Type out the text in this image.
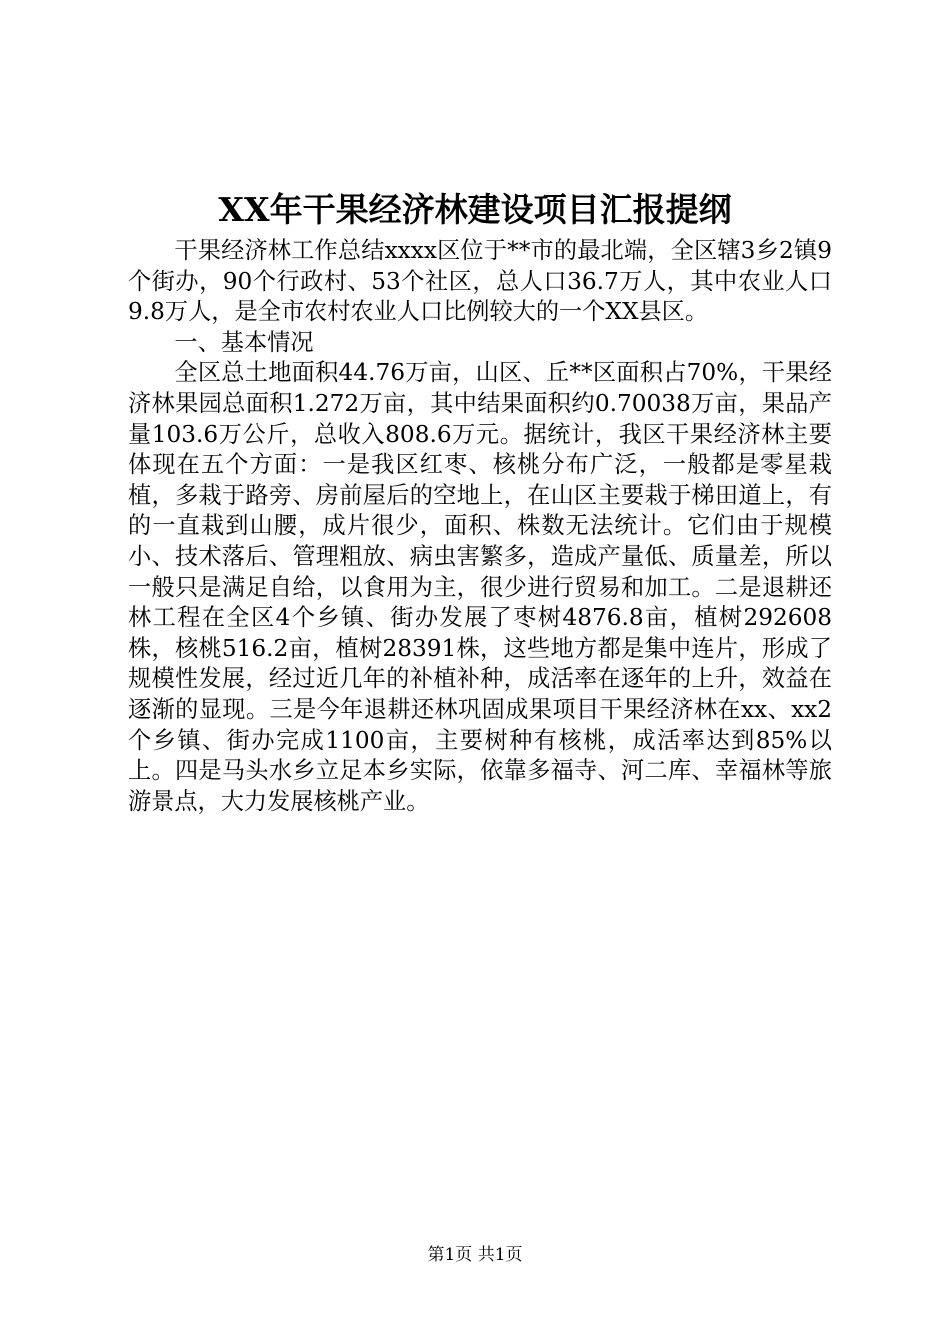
XX年干果经济林建设项目汇报提纲

干果经济林工作总结xxxx区位于**市的最北端，全区辖3乡2镇9个街办，90个行政村、53个社区，总人口36.7万人，其中农业人口9.8万人，是全市农村农业人口比例较大的一个XX县区。

一、基本情况

全区总土地面积44.76万亩，山区、丘**区面积占70%，干果经济林果园总面积1.272万亩，其中结果面积约0.70038万亩，果品产量103.6万公斤，总收入808.6万元。据统计，我区干果经济林主要体现在五个方面：一是我区红枣、核桃分布广泛，一般都是零星栽植，多栽于路旁、房前屋后的空地上，在山区主要栽于梯田道上，有的一直栽到山腰，成片很少，面积、株数无法统计。它们由于规模小、技术落后、管理粗放、病虫害繁多，造成产量低、质量差，所以一般只是满足自给，以食用为主，很少进行贸易和加工。二是退耕还林工程在全区4个乡镇、街办发展了枣树4876.8亩，植树292608株，核桃516.2亩，植树28391株，这些地方都是集中连片，形成了规模性发展，经过近几年的补植补种，成活率在逐年的上升，效益在逐渐的显现。三是今年退耕还林巩固成果项目干果经济林在xx、xx2个乡镇、街办完成1100亩，主要树种有核桃，成活率达到85%以上。四是马头水乡立足本乡实际，依靠多福寺、河二库、幸福林等旅游景点，大力发展核桃产业。

第1页 共1页
